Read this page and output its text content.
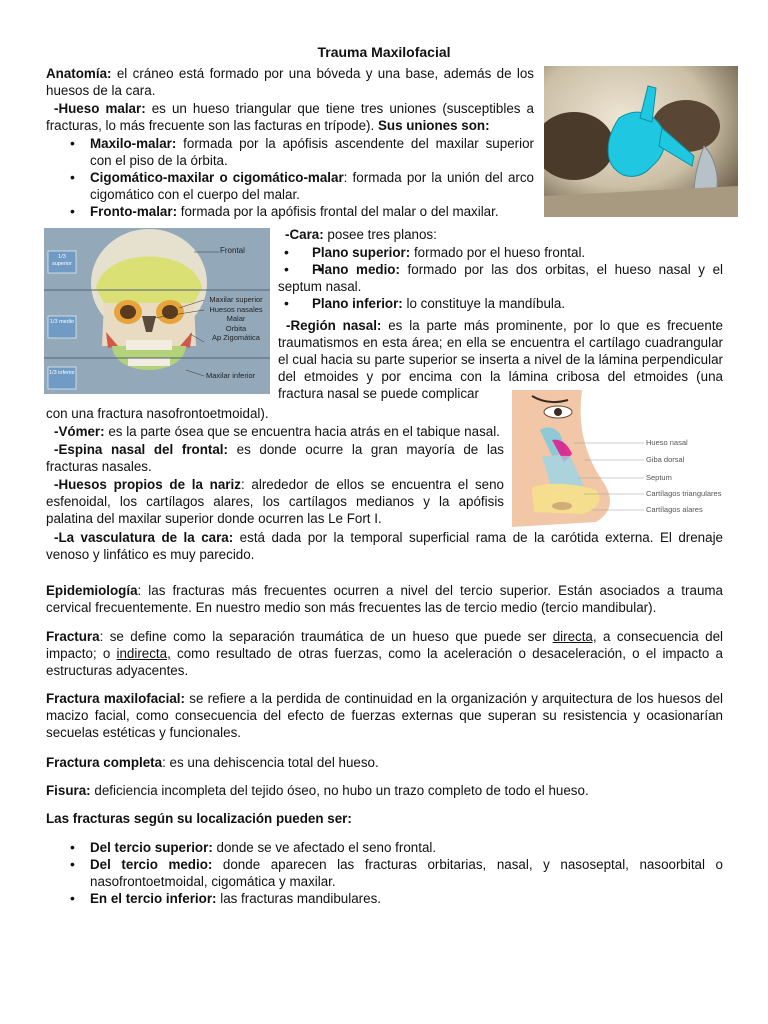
Trauma Maxilofacial
Anatomía: el cráneo está formado por una bóveda y una base, además de los huesos de la cara.
-Hueso malar: es un hueso triangular que tiene tres uniones (susceptibles a fracturas, lo más frecuente son las facturas en trípode). Sus uniones son:
• Maxilo-malar: formada por la apófisis ascendente del maxilar superior con el piso de la órbita.
• Cigomático-maxilar o cigomático-malar: formada por la unión del arco cigomático con el cuerpo del malar.
• Fronto-malar: formada por la apófisis frontal del malar o del maxilar.
1/3 superior
1/3 medio
1/3 inferior
Frontal
Maxilar superior
Huesos nasales
Malar
Orbita
Ap Zigomática
Maxilar inferior
-Cara: posee tres planos:
• Plano superior: formado por el hueso frontal.
• • Plano medio: formado por las dos orbitas, el hueso nasal y el septum nasal.
• Plano inferior: lo constituye la mandíbula.
-Región nasal: es la parte más prominente, por lo que es frecuente traumatismos en esta área; en ella se encuentra el cartílago cuadrangular el cual hacia su parte superior se inserta a nivel de la lámina perpendicular del etmoides y por encima con la lámina cribosa del etmoides (una fractura nasal se puede complicar
Hueso nasal
Giba dorsal
Septum
Cartílagos triangulares
Cartílagos alares
con una fractura nasofrontoetmoidal).
-Vómer: es la parte ósea que se encuentra hacia atrás en el tabique nasal.
-Espina nasal del frontal: es donde ocurre la gran mayoría de las fracturas nasales.
-Huesos propios de la nariz: alrededor de ellos se encuentra el seno esfenoidal, los cartílagos alares, los cartílagos medianos y la apófisis palatina del maxilar superior donde ocurren las Le Fort I.
-La vasculatura de la cara: está dada por la temporal superficial rama de la carótida externa. El drenaje venoso y linfático es muy parecido.
Epidemiología: las fracturas más frecuentes ocurren a nivel del tercio superior. Están asociados a trauma cervical frecuentemente. En nuestro medio son más frecuentes las de tercio medio (tercio mandibular).
Fractura: se define como la separación traumática de un hueso que puede ser directa, a consecuencia del impacto; o indirecta, como resultado de otras fuerzas, como la aceleración o desaceleración, o el impacto a estructuras adyacentes.
Fractura maxilofacial: se refiere a la perdida de continuidad en la organización y arquitectura de los huesos del macizo facial, como consecuencia del efecto de fuerzas externas que superan su resistencia y ocasionarían secuelas estéticas y funcionales.
Fractura completa: es una dehiscencia total del hueso.
Fisura: deficiencia incompleta del tejido óseo, no hubo un trazo completo de todo el hueso.
Las fracturas según su localización pueden ser:
• Del tercio superior: donde se ve afectado el seno frontal.
• Del tercio medio: donde aparecen las fracturas orbitarias, nasal, y nasoseptal, nasoorbital o nasofrontoetmoidal, cigomática y maxilar.
• En el tercio inferior: las fracturas mandibulares.
